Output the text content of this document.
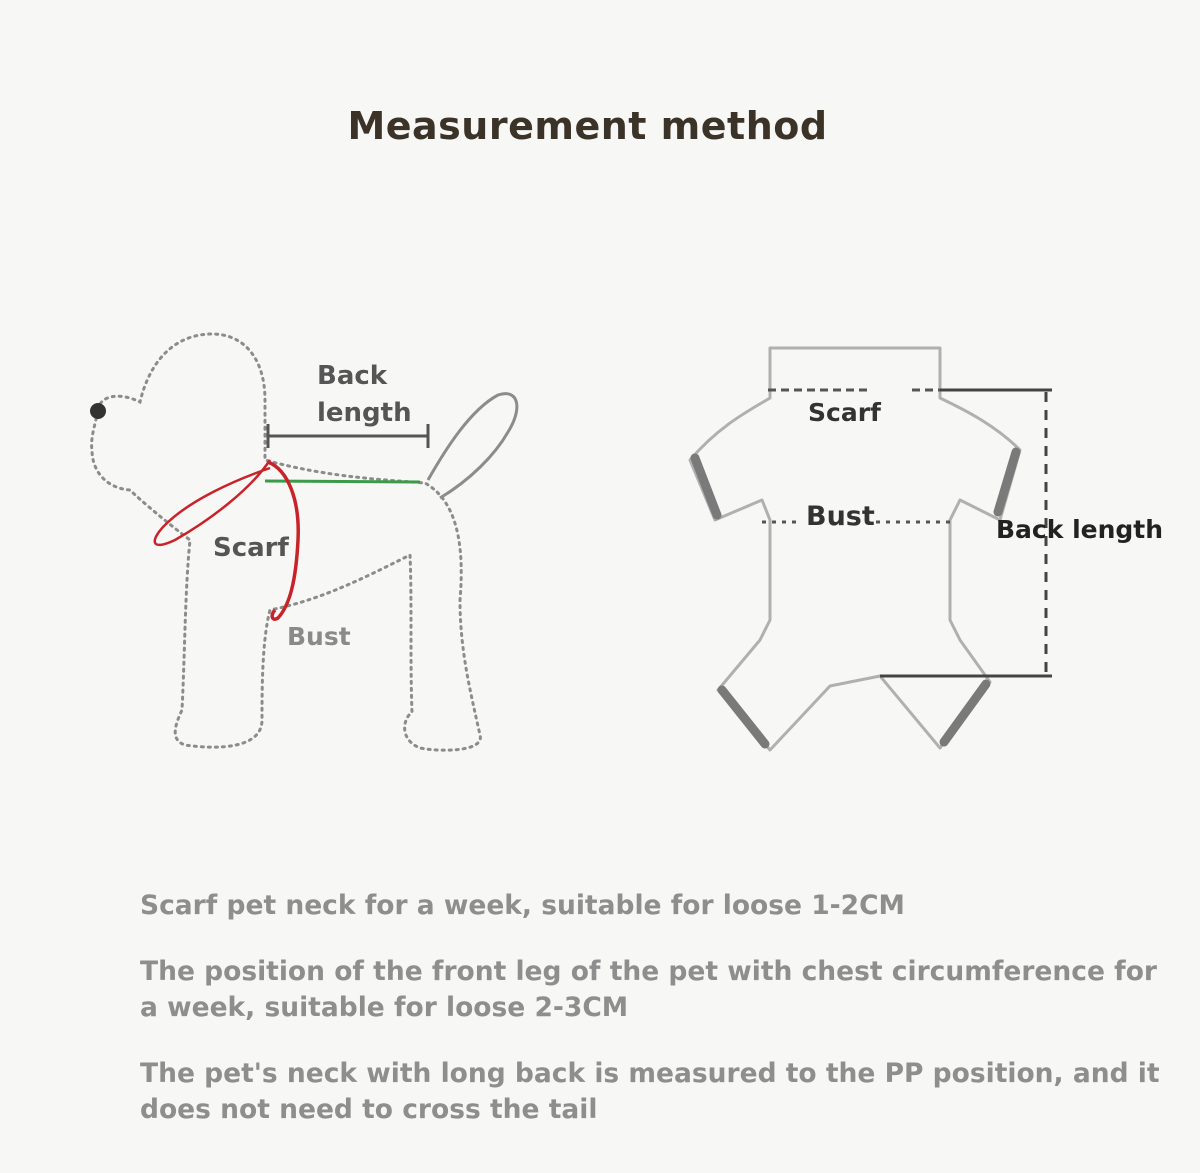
Measurement method
Back
length
Scarf
Bust
Scarf
Bust	Back length

Scarf pet neck for a week, suitable for loose 1-2CM

The position of the front leg of the pet with chest circumference for a week, suitable for loose 2-3CM

The pet's neck with long back is measured to the PP position, and it does not need to cross the tail
